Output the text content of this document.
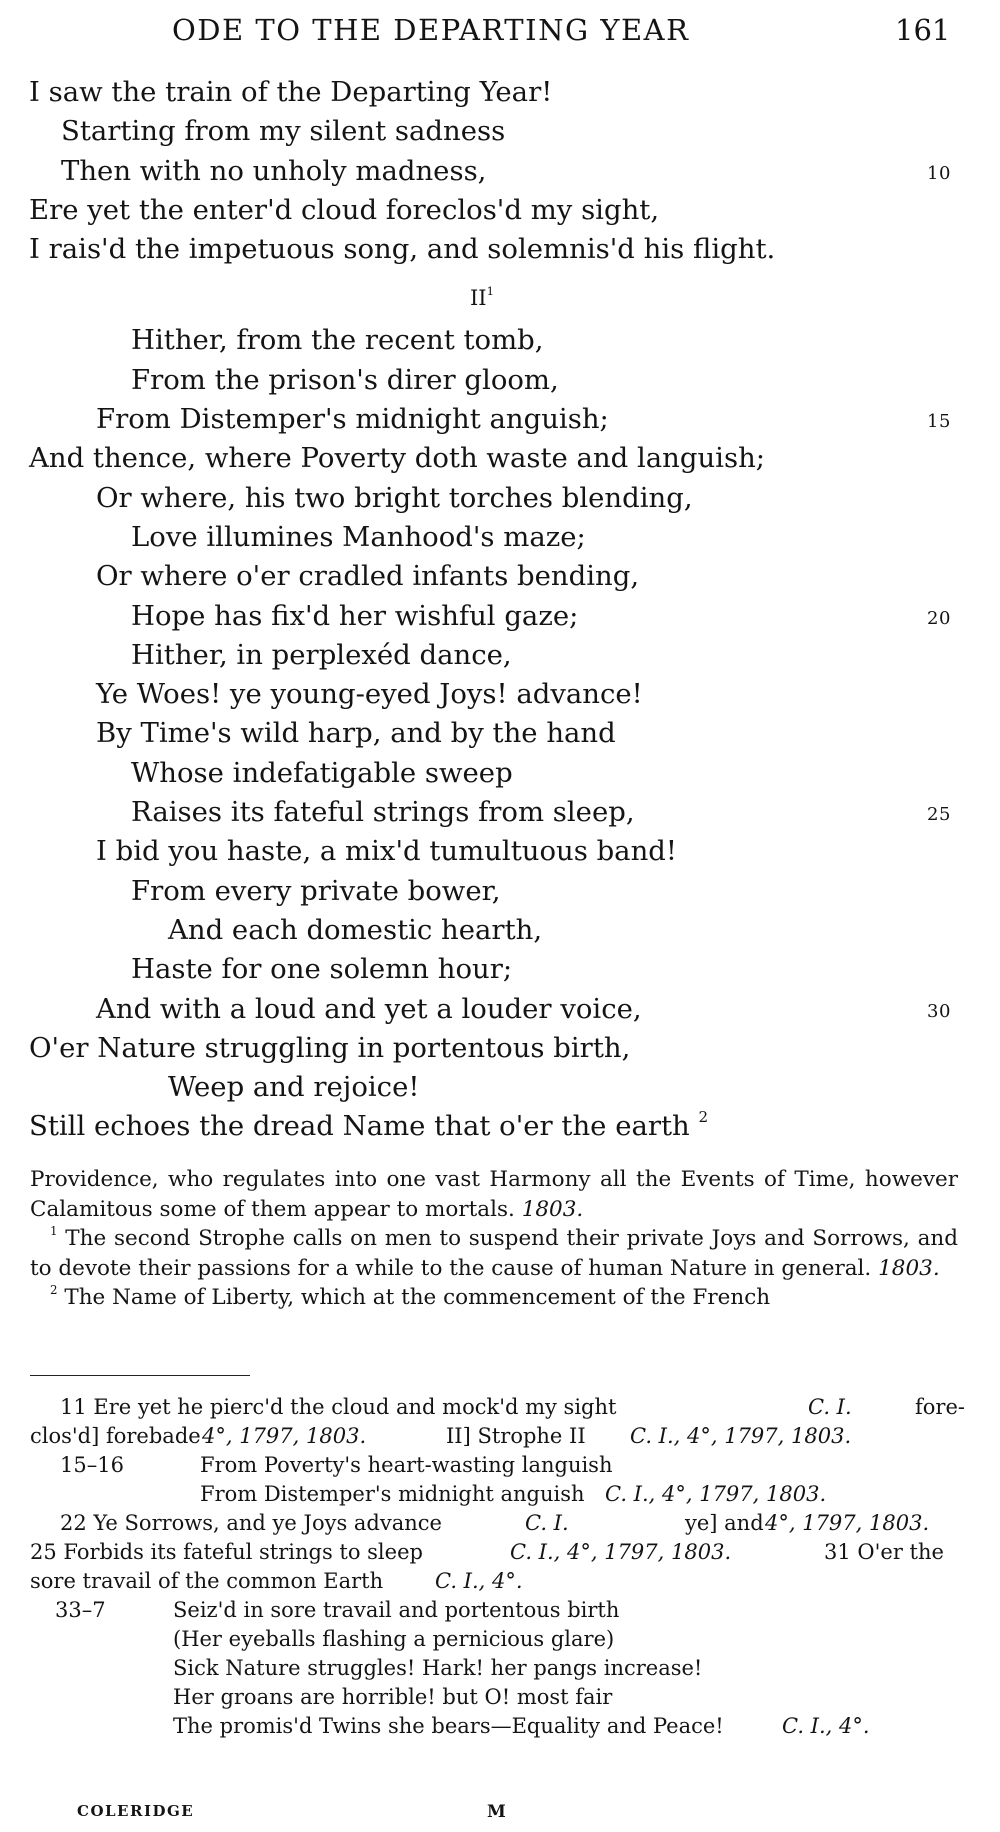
ODE TO THE DEPARTING YEAR	161
I saw the train of the Departing Year!
Starting from my silent sadness
Then with no unholy madness,	10
Ere yet the enter'd cloud foreclos'd my sight,
I rais'd the impetuous song, and solemnis'd his flight.
$II^1$
Hither, from the recent tomb,
From the prison's direr gloom,
From Distemper's midnight anguish;	15
And thence, where Poverty doth waste and languish;
Or where, his two bright torches blending,
Love illumines Manhood's maze;
Or where o'er cradled infants bending,
Hope has fix'd her wishful gaze;	20
Hither, in perplexéd dance,
Ye Woes! ye young-eyed Joys! advance!
By Time's wild harp, and by the hand
Whose indefatigable sweep
Raises its fateful strings from sleep,	25
I bid you haste, a mix'd tumultuous band!
From every private bower,
And each domestic hearth,
Haste for one solemn hour;
And with a loud and yet a louder voice,	30
O'er Nature struggling in portentous birth,
Weep and rejoice!
Still echoes the dread Name that o'er the earth $^2$

Providence, who regulates into one vast Harmony all the Events of Time, however Calamitous some of them appear to mortals. 1803.

$^1$ The second Strophe calls on men to suspend their private Joys and Sorrows, and to devote their passions for a while to the cause of human Nature in general. 1803.

$^2$ The Name of Liberty, which at the commencement of the French

11 Ere yet he pierc'd the cloud and mock'd my sight	C. I.	fore-
clos'd] forebade 4°, 1797, 1803.	II] Strophe II C. I., 4°, 1797, 1803.
15–16	From Poverty's heart-wasting languish
From Distemper's midnight anguish C. I., 4°, 1797, 1803.
22 Ye Sorrows, and ye Joys advance	C. I.	ye] and 4°, 1797, 1803.
25 Forbids its fateful strings to sleep	C. I., 4°, 1797, 1803.	31 O'er the
sore travail of the common Earth C. I., 4°.
33–7	Seiz'd in sore travail and portentous birth
(Her eyeballs flashing a pernicious glare)
Sick Nature struggles! Hark! her pangs increase!
Her groans are horrible! but O! most fair
The promis'd Twins she bears—Equality and Peace!	C. I., 4°.
COLERIDGE	M
